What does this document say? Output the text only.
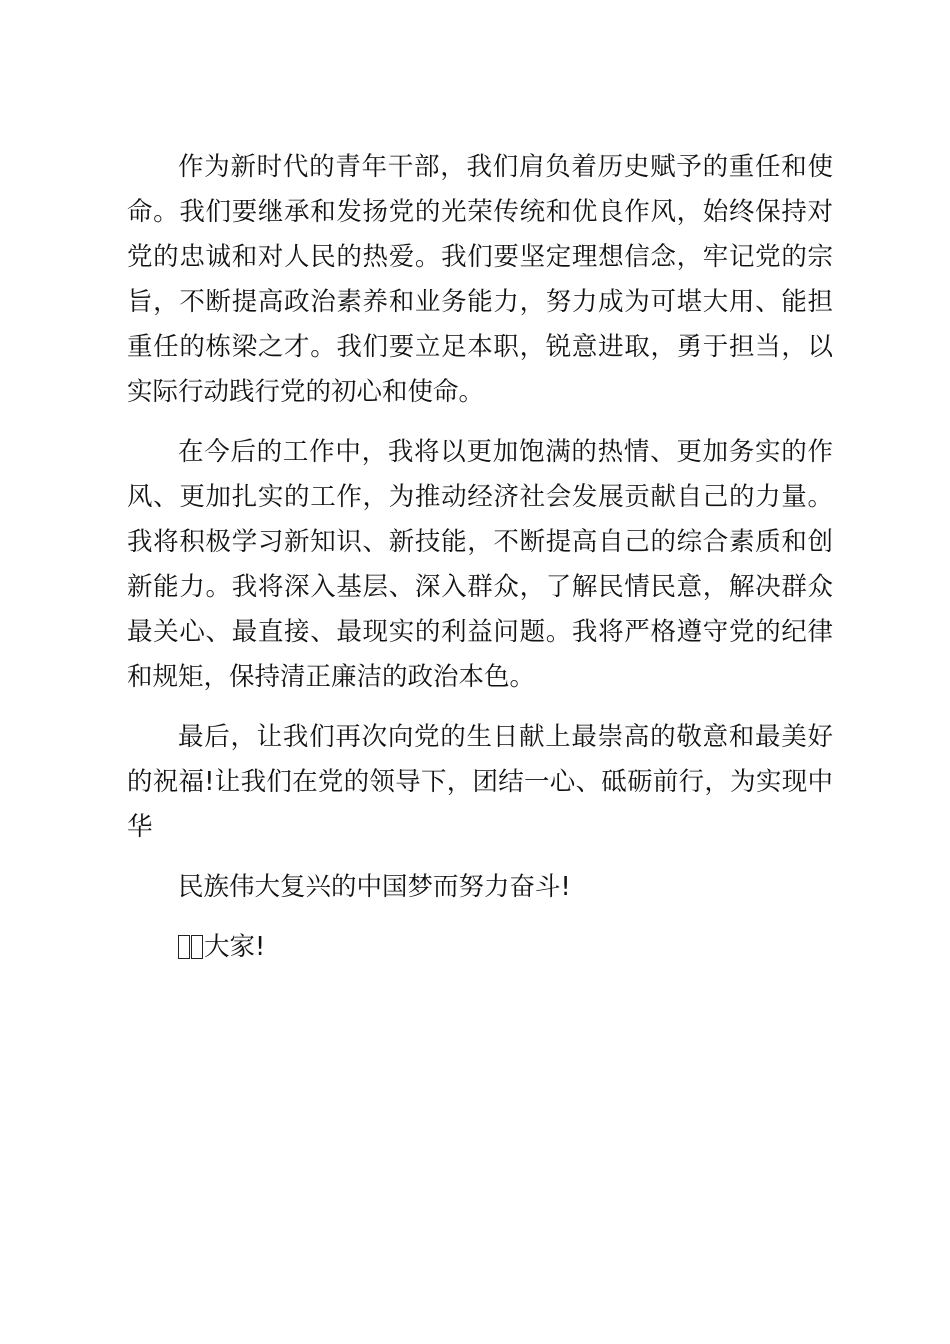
作为新时代的青年干部，我们肩负着历史赋予的重任和使命。我们要继承和发扬党的光荣传统和优良作风，始终保持对党的忠诚和对人民的热爱。我们要坚定理想信念，牢记党的宗旨，不断提高政治素养和业务能力，努力成为可堪大用、能担重任的栋梁之才。我们要立足本职，锐意进取，勇于担当，以实际行动践行党的初心和使命。

在今后的工作中，我将以更加饱满的热情、更加务实的作风、更加扎实的工作，为推动经济社会发展贡献自己的力量。我将积极学习新知识、新技能，不断提高自己的综合素质和创新能力。我将深入基层、深入群众，了解民情民意，解决群众最关心、最直接、最现实的利益问题。我将严格遵守党的纪律和规矩，保持清正廉洁的政治本色。

最后，让我们再次向党的生日献上最崇高的敬意和最美好的祝福!让我们在党的领导下，团结一心、砥砺前行，为实现中华

民族伟大复兴的中国梦而努力奋斗!

大家!
